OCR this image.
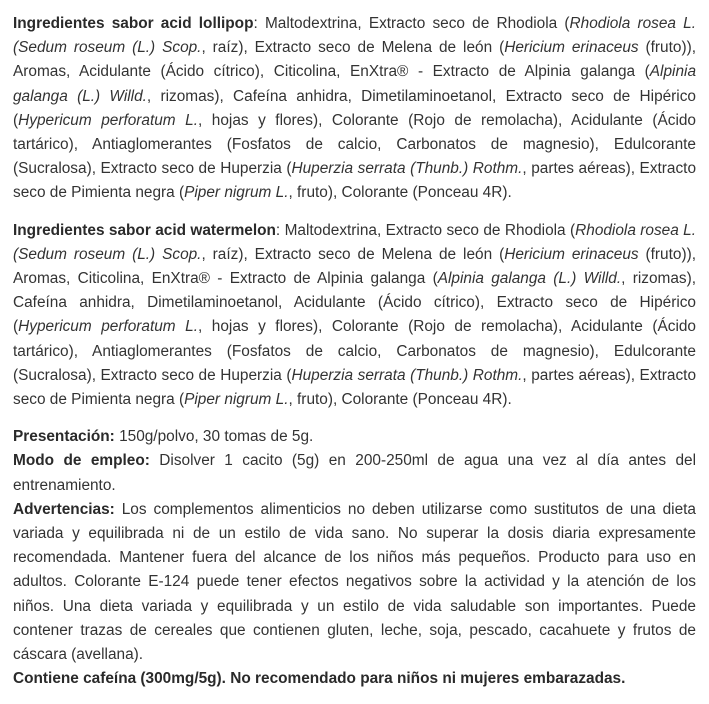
Ingredientes sabor acid lollipop: Maltodextrina, Extracto seco de Rhodiola (Rhodiola rosea L. (Sedum roseum (L.) Scop., raíz), Extracto seco de Melena de león (Hericium erinaceus (fruto)), Aromas, Acidulante (Ácido cítrico), Citicolina, EnXtra® - Extracto de Alpinia galanga (Alpinia galanga (L.) Willd., rizomas), Cafeína anhidra, Dimetilaminoetanol, Extracto seco de Hipérico (Hypericum perforatum L., hojas y flores), Colorante (Rojo de remolacha), Acidulante (Ácido tartárico), Antiaglomerantes (Fosfatos de calcio, Carbonatos de magnesio), Edulcorante (Sucralosa), Extracto seco de Huperzia (Huperzia serrata (Thunb.) Rothm., partes aéreas), Extracto seco de Pimienta negra (Piper nigrum L., fruto), Colorante (Ponceau 4R).

Ingredientes sabor acid watermelon: Maltodextrina, Extracto seco de Rhodiola (Rhodiola rosea L. (Sedum roseum (L.) Scop., raíz), Extracto seco de Melena de león (Hericium erinaceus (fruto)), Aromas, Citicolina, EnXtra® - Extracto de Alpinia galanga (Alpinia galanga (L.) Willd., rizomas), Cafeína anhidra, Dimetilaminoetanol, Acidulante (Ácido cítrico), Extracto seco de Hipérico (Hypericum perforatum L., hojas y flores), Colorante (Rojo de remolacha), Acidulante (Ácido tartárico), Antiaglomerantes (Fosfatos de calcio, Carbonatos de magnesio), Edulcorante (Sucralosa), Extracto seco de Huperzia (Huperzia serrata (Thunb.) Rothm., partes aéreas), Extracto seco de Pimienta negra (Piper nigrum L., fruto), Colorante (Ponceau 4R).

Presentación: 150g/polvo, 30 tomas de 5g.

Modo de empleo: Disolver 1 cacito (5g) en 200-250ml de agua una vez al día antes del entrenamiento.

Advertencias: Los complementos alimenticios no deben utilizarse como sustitutos de una dieta variada y equilibrada ni de un estilo de vida sano. No superar la dosis diaria expresamente recomendada. Mantener fuera del alcance de los niños más pequeños. Producto para uso en adultos. Colorante E-124 puede tener efectos negativos sobre la actividad y la atención de los niños. Una dieta variada y equilibrada y un estilo de vida saludable son importantes. Puede contener trazas de cereales que contienen gluten, leche, soja, pescado, cacahuete y frutos de cáscara (avellana).

Contiene cafeína (300mg/5g). No recomendado para niños ni mujeres embarazadas.
